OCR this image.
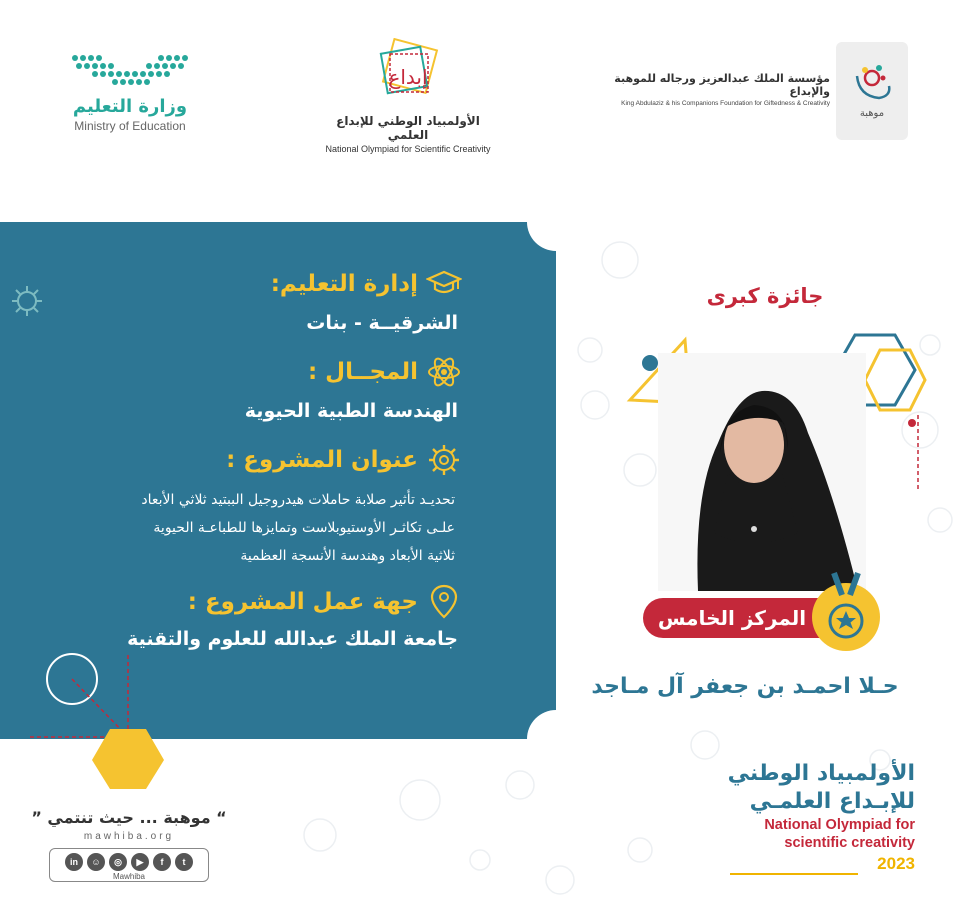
وزارة التعليم
Ministry of Education
إبداع
الأولمبياد الوطني للإبداع العلمي
National Olympiad for Scientific Creativity
مؤسسة الملك عبدالعزيز ورجاله للموهبة والإبداع
King Abdulaziz & his Companions Foundation for Giftedness & Creativity
موهبة
إدارة التعليم:
الشرقيــة - بنات
المجــال :
الهندسة الطبية الحيوية
عنوان المشروع :
تحديـد تأثير صلابة حاملات هيدروجيل الببتيد ثلاثي الأبعاد
علـى تكاثـر الأوستيوبلاست وتمايزها للطباعـة الحيوية
ثلاثية الأبعاد وهندسة الأنسجة العظمية
جهة عمل المشروع :
جامعة الملك عبدالله للعلوم والتقنية
جائزة كبرى
المركز الخامس
حـلا احمـد بن جعفر آل مـاجد
“ موهبة ... حيث تنتمي ”
mawhiba.org
in	☺	◎	▶	f	t
Mawhiba
الأولمبياد الوطني
للإبـداع العلمـي
National Olympiad for
scientific creativity
2023
